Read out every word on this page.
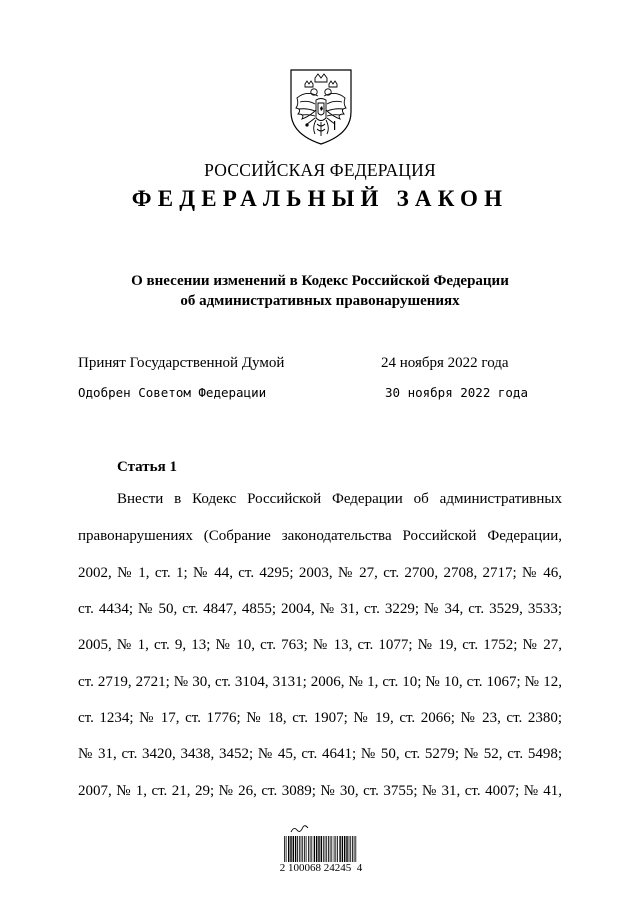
РОССИЙСКАЯ ФЕДЕРАЦИЯ
ФЕДЕРАЛЬНЫЙ ЗАКОН
О внесении изменений в Кодекс Российской Федерации
об административных правонарушениях
Принят Государственной Думой	24 ноября 2022 года
Одобрен Советом Федерации	30 ноября 2022 года
Статья 1
Внести в Кодекс Российской Федерации об административных
правонарушениях (Собрание законодательства Российской Федерации,
2002, № 1, ст. 1; № 44, ст. 4295; 2003, № 27, ст. 2700, 2708, 2717; № 46,
ст. 4434; № 50, ст. 4847, 4855; 2004, № 31, ст. 3229; № 34, ст. 3529, 3533;
2005, № 1, ст. 9, 13; № 10, ст. 763; № 13, ст. 1077; № 19, ст. 1752; № 27,
ст. 2719, 2721; № 30, ст. 3104, 3131; 2006, № 1, ст. 10; № 10, ст. 1067; № 12,
ст. 1234; № 17, ст. 1776; № 18, ст. 1907; № 19, ст. 2066; № 23, ст. 2380;
№ 31, ст. 3420, 3438, 3452; № 45, ст. 4641; № 50, ст. 5279; № 52, ст. 5498;
2007, № 1, ст. 21, 29; № 26, ст. 3089; № 30, ст. 3755; № 31, ст. 4007; № 41,
2 100068 24245  4
